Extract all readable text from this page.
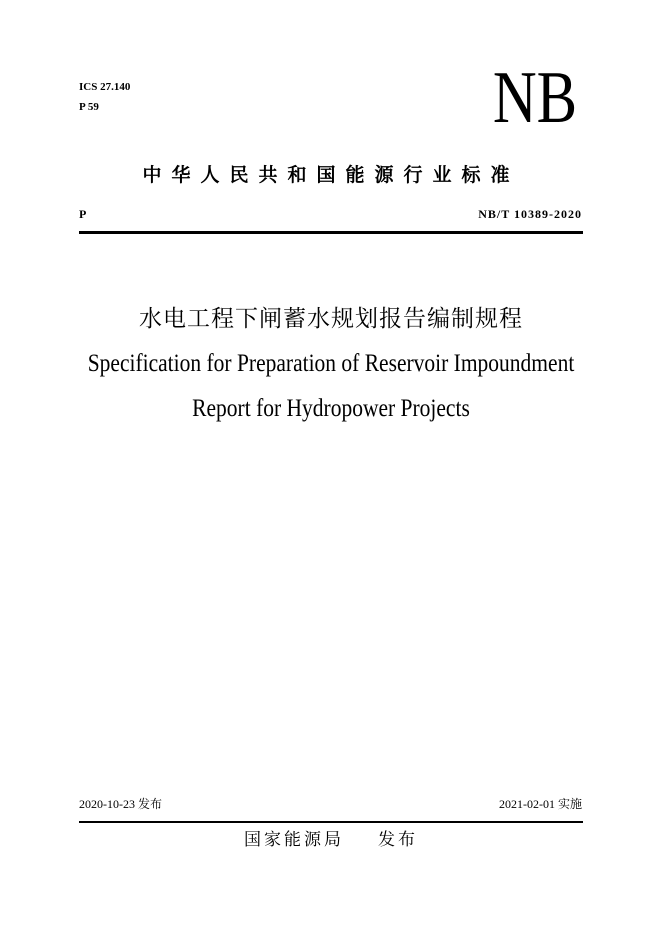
ICS 27.140
P 59	NB
中华人民共和国能源行业标准
P	NB/T 10389-2020
水电工程下闸蓄水规划报告编制规程
Specification for Preparation of Reservoir Impoundment
Report for Hydropower Projects
2020-10-23 发布	2021-02-01 实施
国家能源局 发布
